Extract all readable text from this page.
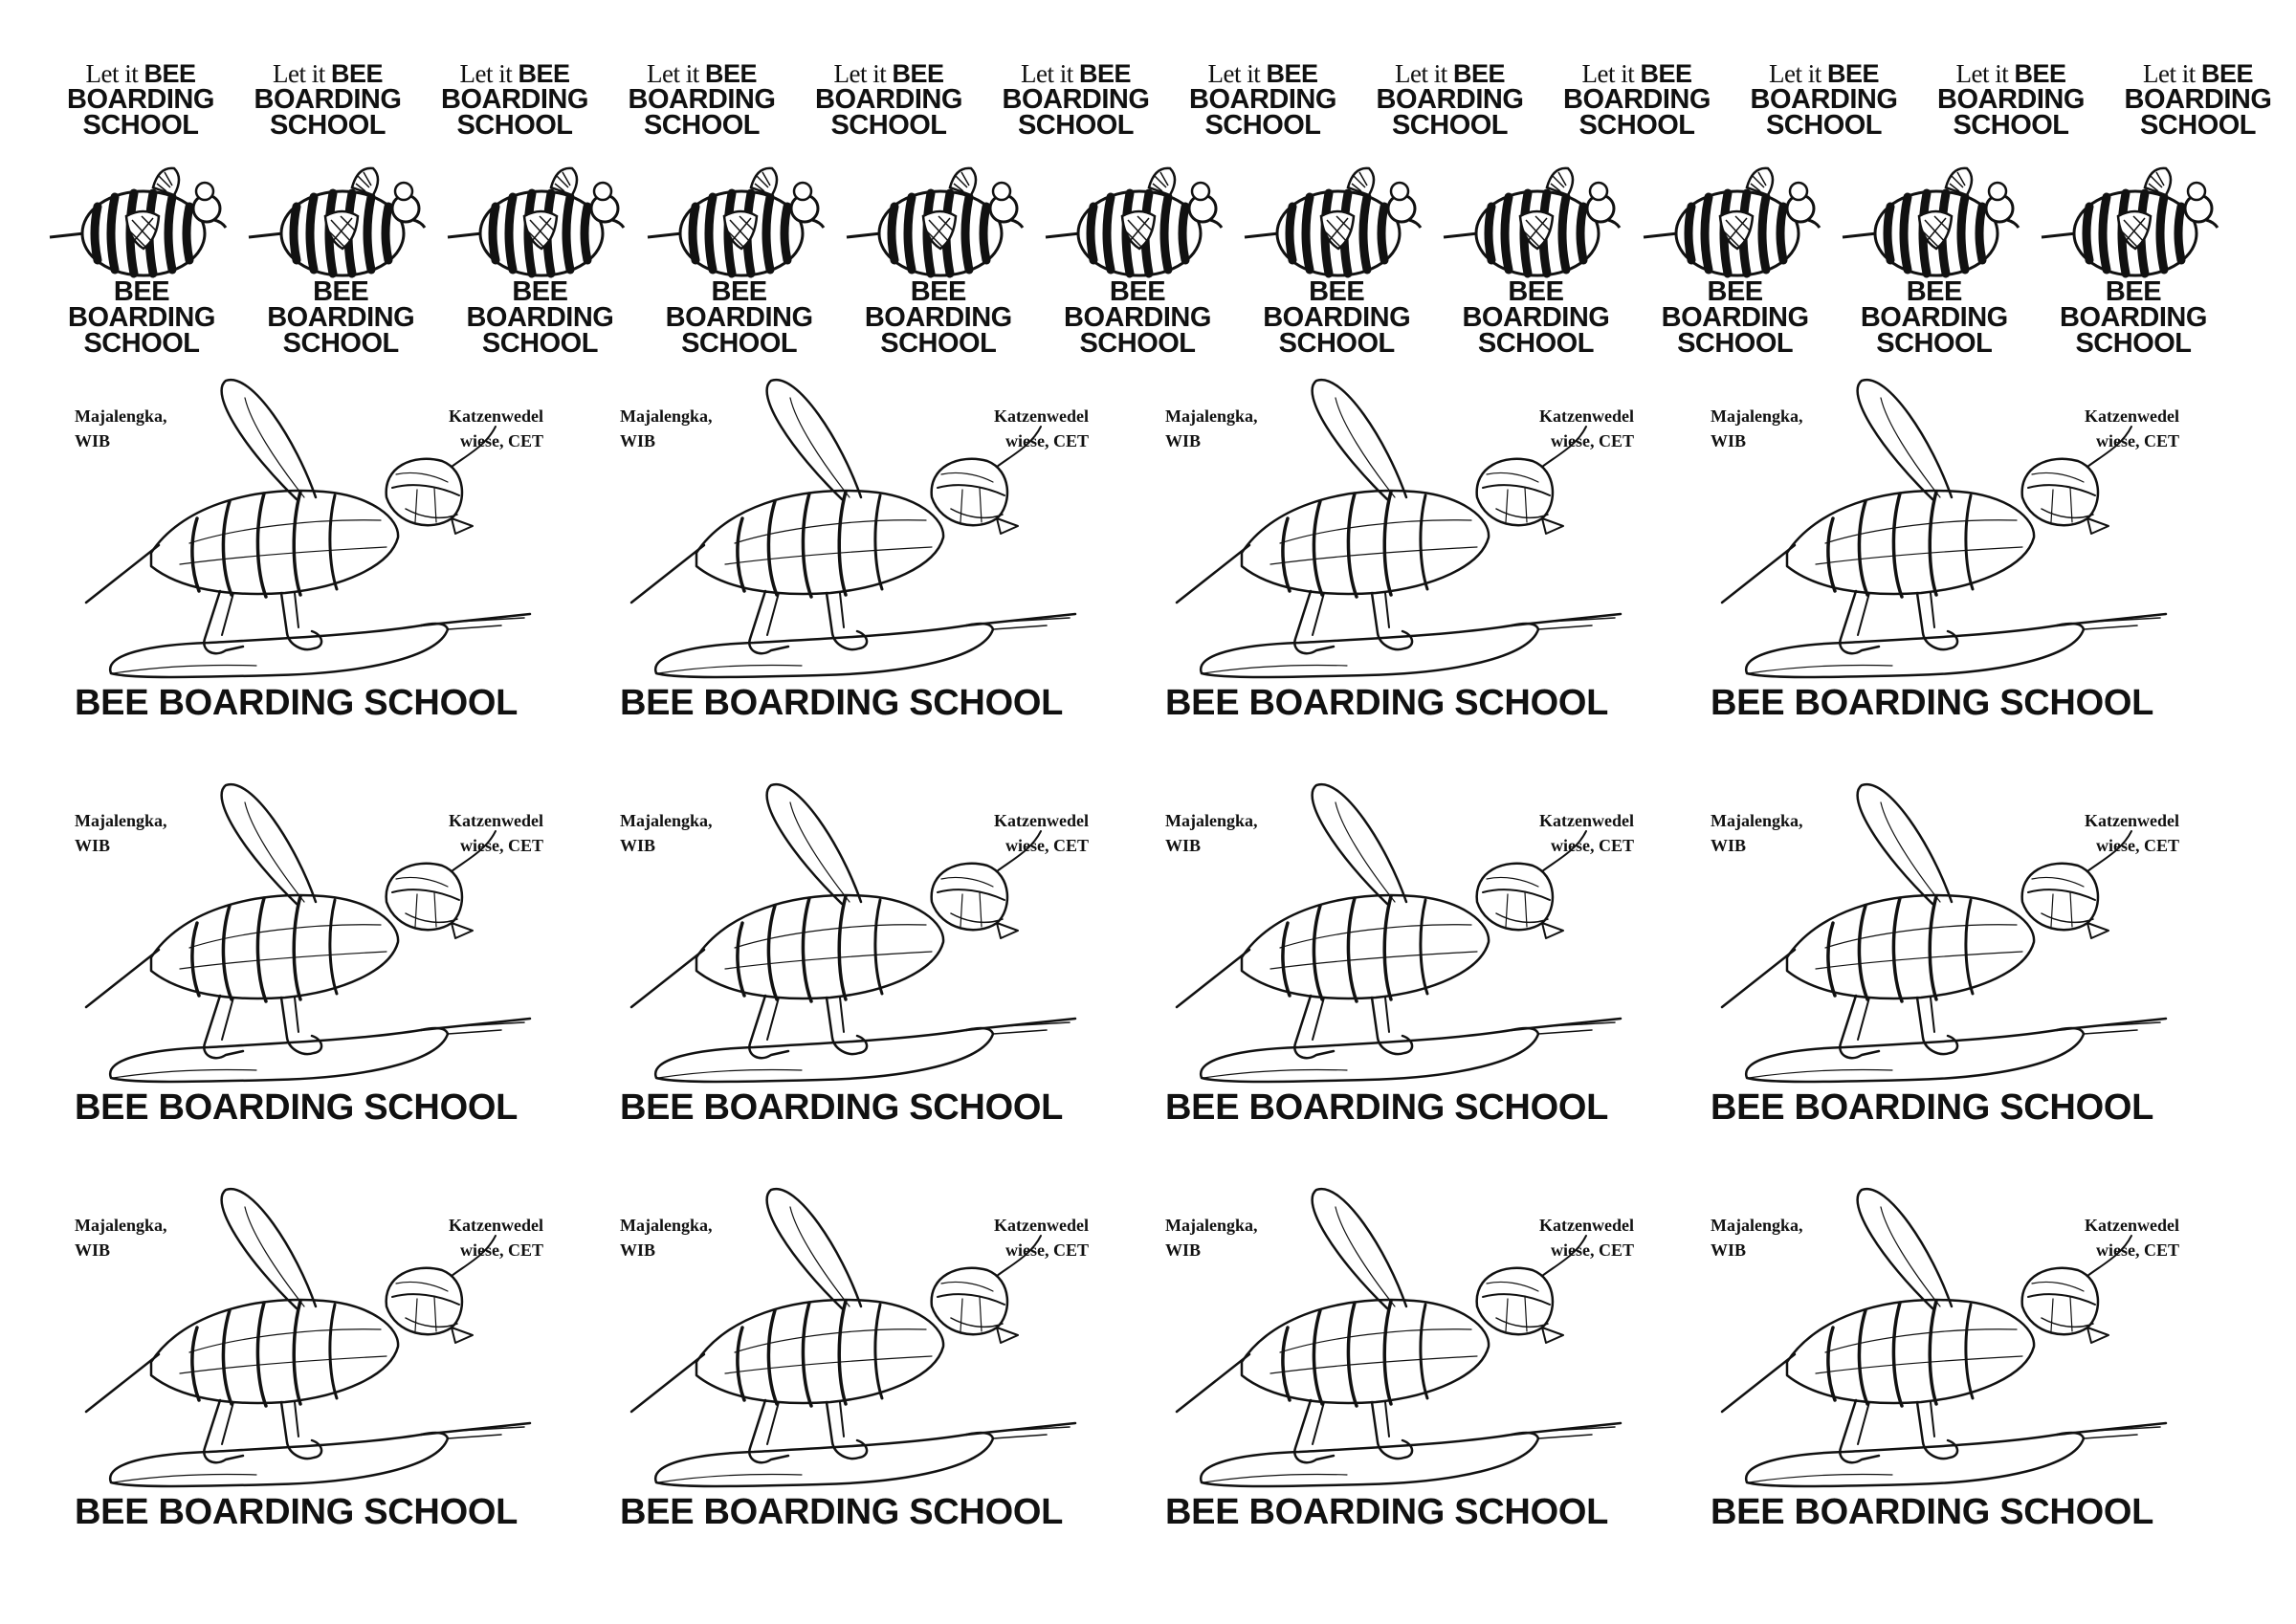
Let it BEE
BOARDING
SCHOOL
Let it BEE
BOARDING
SCHOOL
Let it BEE
BOARDING
SCHOOL
Let it BEE
BOARDING
SCHOOL
Let it BEE
BOARDING
SCHOOL
Let it BEE
BOARDING
SCHOOL
Let it BEE
BOARDING
SCHOOL
Let it BEE
BOARDING
SCHOOL
Let it BEE
BOARDING
SCHOOL
Let it BEE
BOARDING
SCHOOL
Let it BEE
BOARDING
SCHOOL
Let it BEE
BOARDING
SCHOOL
BEE
BOARDING
SCHOOL
BEE
BOARDING
SCHOOL
BEE
BOARDING
SCHOOL
BEE
BOARDING
SCHOOL
BEE
BOARDING
SCHOOL
BEE
BOARDING
SCHOOL
BEE
BOARDING
SCHOOL
BEE
BOARDING
SCHOOL
BEE
BOARDING
SCHOOL
BEE
BOARDING
SCHOOL
BEE
BOARDING
SCHOOL
Majalengka,
WIB
Katzenwedel
wiese, CET
BEE BOARDING SCHOOL
Majalengka,
WIB
Katzenwedel
wiese, CET
BEE BOARDING SCHOOL
Majalengka,
WIB
Katzenwedel
wiese, CET
BEE BOARDING SCHOOL
Majalengka,
WIB
Katzenwedel
wiese, CET
BEE BOARDING SCHOOL
Majalengka,
WIB
Katzenwedel
wiese, CET
BEE BOARDING SCHOOL
Majalengka,
WIB
Katzenwedel
wiese, CET
BEE BOARDING SCHOOL
Majalengka,
WIB
Katzenwedel
wiese, CET
BEE BOARDING SCHOOL
Majalengka,
WIB
Katzenwedel
wiese, CET
BEE BOARDING SCHOOL
Majalengka,
WIB
Katzenwedel
wiese, CET
BEE BOARDING SCHOOL
Majalengka,
WIB
Katzenwedel
wiese, CET
BEE BOARDING SCHOOL
Majalengka,
WIB
Katzenwedel
wiese, CET
BEE BOARDING SCHOOL
Majalengka,
WIB
Katzenwedel
wiese, CET
BEE BOARDING SCHOOL
